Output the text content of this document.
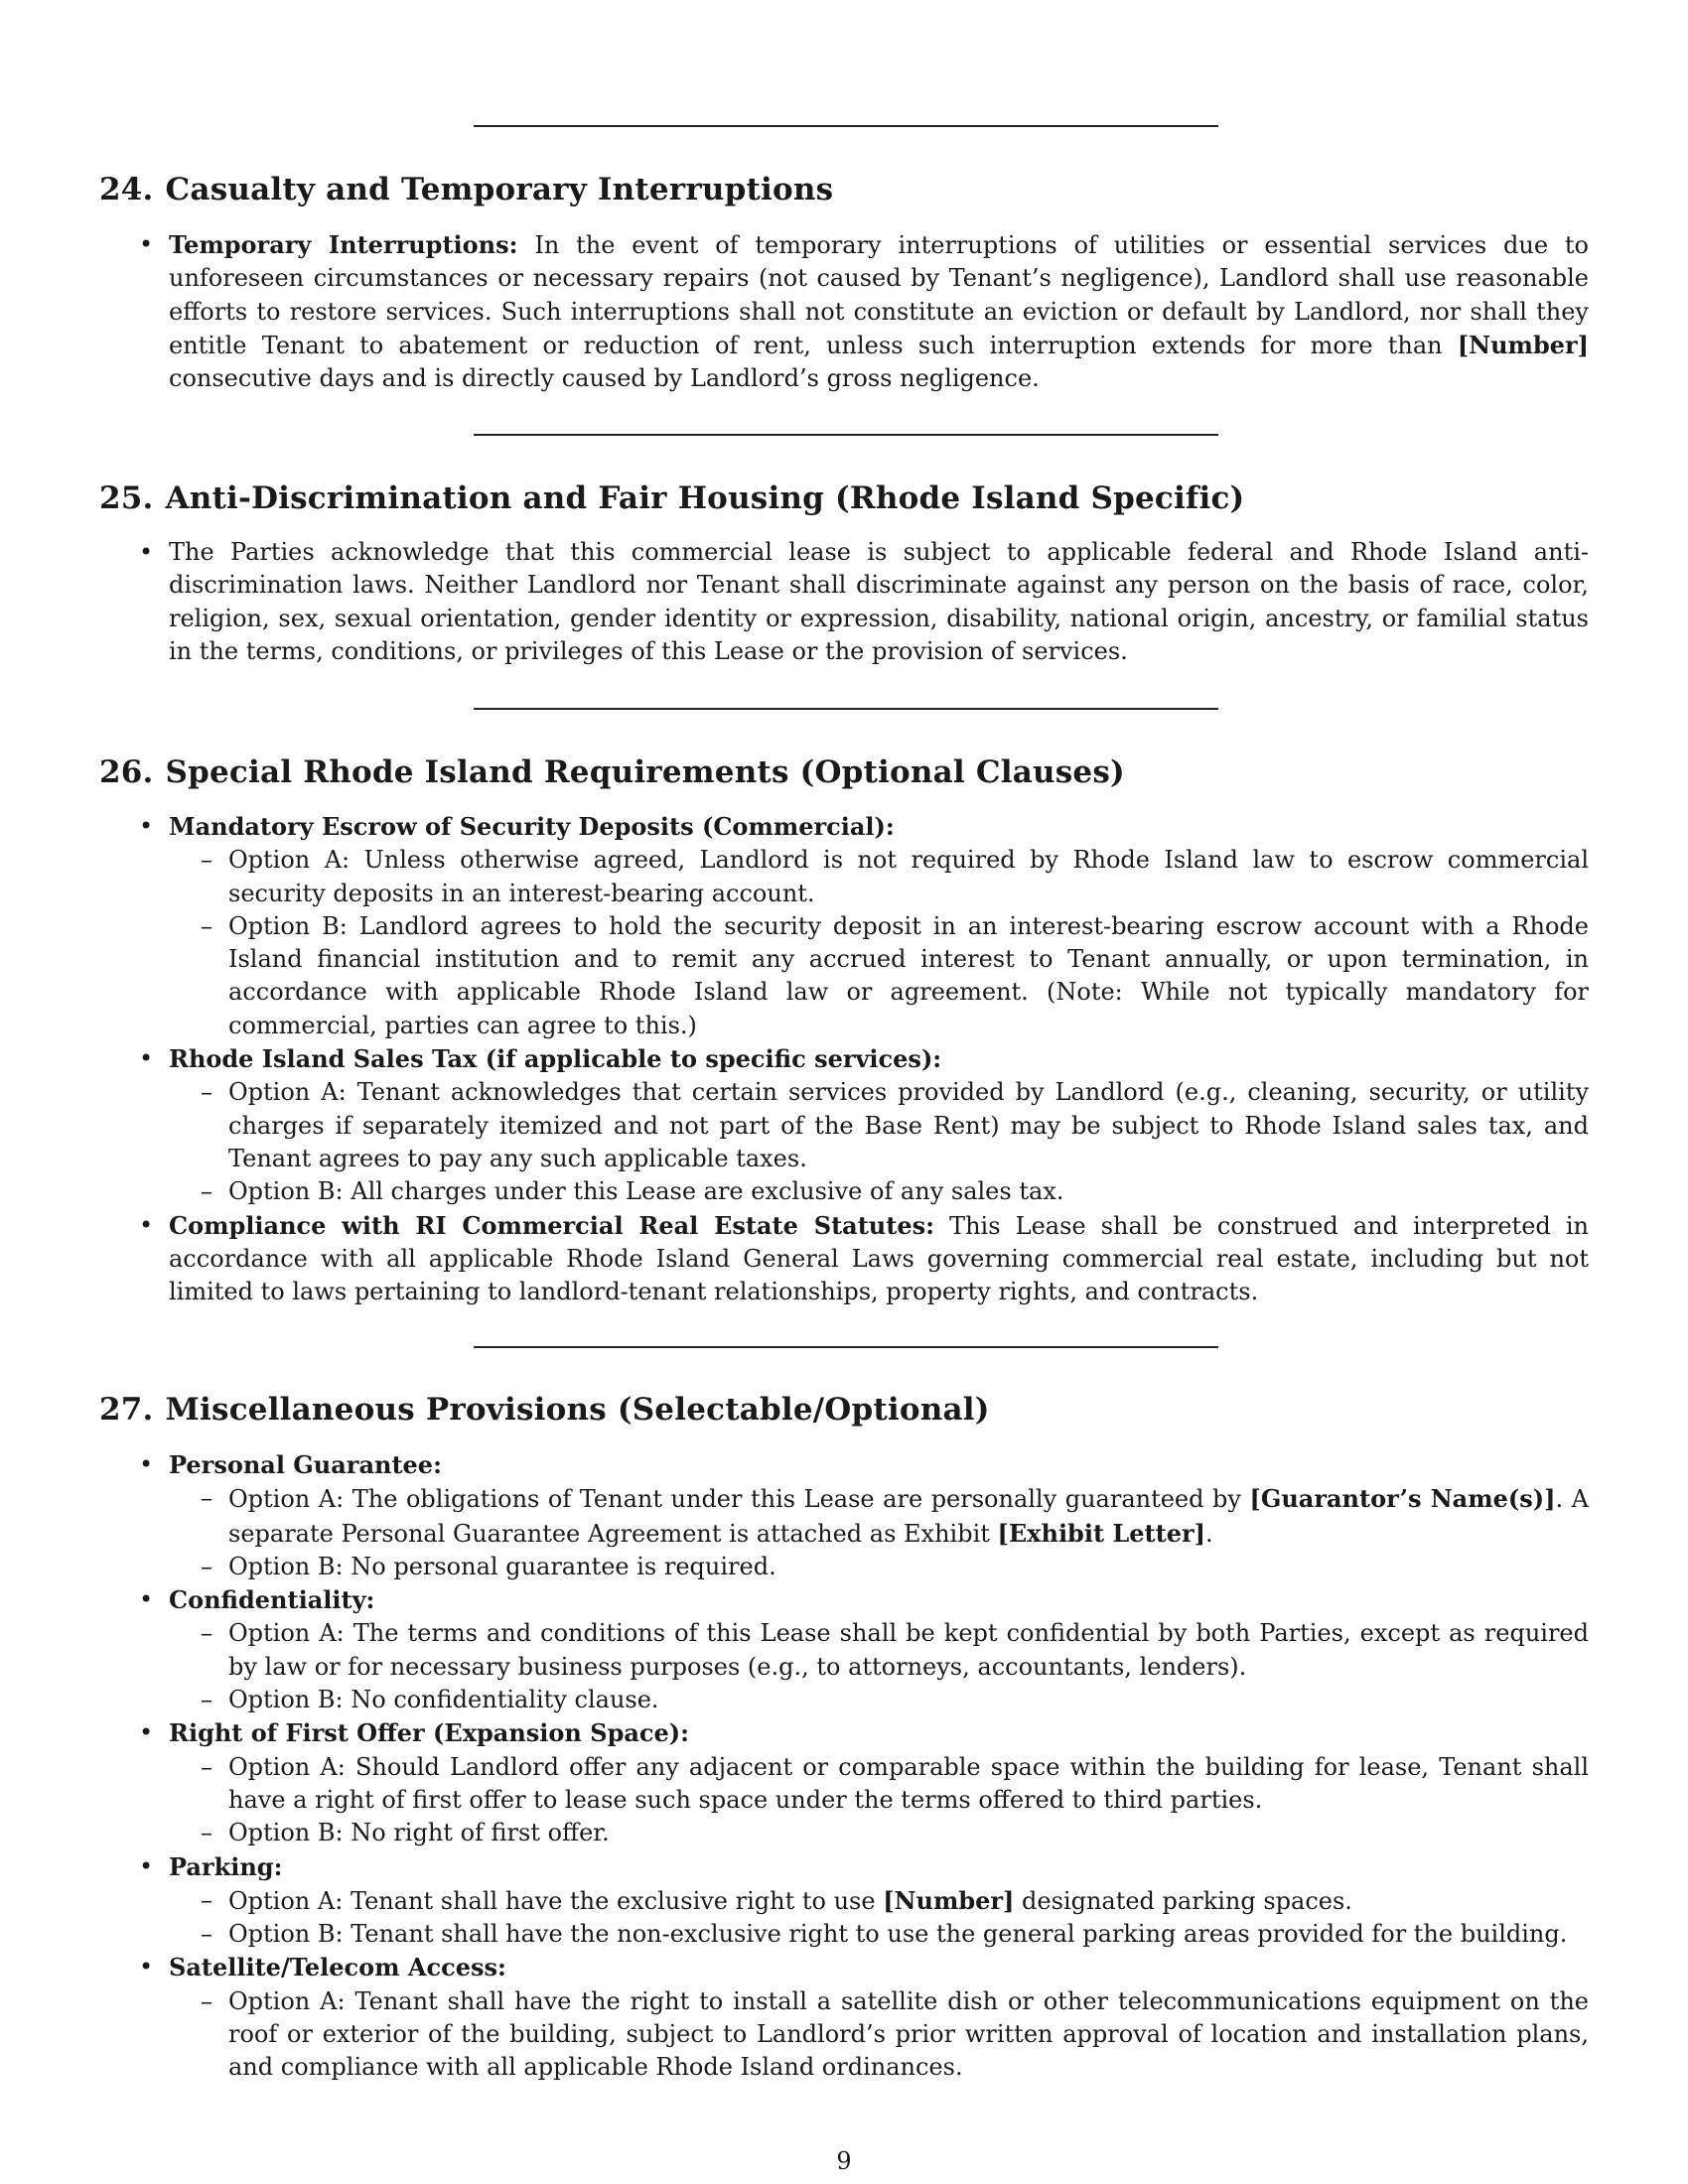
24. Casualty and Temporary Interruptions
• Temporary Interruptions: In the event of temporary interruptions of utilities or essential services due to unforeseen circumstances or necessary repairs (not caused by Tenant’s negligence), Landlord shall use reasonable efforts to restore services. Such interruptions shall not constitute an eviction or default by Landlord, nor shall they entitle Tenant to abatement or reduction of rent, unless such interruption extends for more than [Number] consecutive days and is directly caused by Landlord’s gross negligence.
25. Anti-Discrimination and Fair Housing (Rhode Island Specific)
• The Parties acknowledge that this commercial lease is subject to applicable federal and Rhode Island anti-discrimination laws. Neither Landlord nor Tenant shall discriminate against any person on the basis of race, color, religion, sex, sexual orientation, gender identity or expression, disability, national origin, ancestry, or familial status in the terms, conditions, or privileges of this Lease or the provision of services.
26. Special Rhode Island Requirements (Optional Clauses)
• Mandatory Escrow of Security Deposits (Commercial):
– Option A: Unless otherwise agreed, Landlord is not required by Rhode Island law to escrow commercial security deposits in an interest-bearing account.
– Option B: Landlord agrees to hold the security deposit in an interest-bearing escrow account with a Rhode Island financial institution and to remit any accrued interest to Tenant annually, or upon termination, in accordance with applicable Rhode Island law or agreement. (Note: While not typically mandatory for commercial, parties can agree to this.)
• Rhode Island Sales Tax (if applicable to specific services):
– Option A: Tenant acknowledges that certain services provided by Landlord (e.g., cleaning, security, or utility charges if separately itemized and not part of the Base Rent) may be subject to Rhode Island sales tax, and Tenant agrees to pay any such applicable taxes.
– Option B: All charges under this Lease are exclusive of any sales tax.
• Compliance with RI Commercial Real Estate Statutes: This Lease shall be construed and interpreted in accordance with all applicable Rhode Island General Laws governing commercial real estate, including but not limited to laws pertaining to landlord-tenant relationships, property rights, and contracts.
27. Miscellaneous Provisions (Selectable/Optional)
• Personal Guarantee:
– Option A: The obligations of Tenant under this Lease are personally guaranteed by [Guarantor’s Name(s)]. A separate Personal Guarantee Agreement is attached as Exhibit [Exhibit Letter].
– Option B: No personal guarantee is required.
• Confidentiality:
– Option A: The terms and conditions of this Lease shall be kept confidential by both Parties, except as required by law or for necessary business purposes (e.g., to attorneys, accountants, lenders).
– Option B: No confidentiality clause.
• Right of First Offer (Expansion Space):
– Option A: Should Landlord offer any adjacent or comparable space within the building for lease, Tenant shall have a right of first offer to lease such space under the terms offered to third parties.
– Option B: No right of first offer.
• Parking:
– Option A: Tenant shall have the exclusive right to use [Number] designated parking spaces.
– Option B: Tenant shall have the non-exclusive right to use the general parking areas provided for the building.
• Satellite/Telecom Access:
– Option A: Tenant shall have the right to install a satellite dish or other telecommunications equipment on the roof or exterior of the building, subject to Landlord’s prior written approval of location and installation plans, and compliance with all applicable Rhode Island ordinances.
9
